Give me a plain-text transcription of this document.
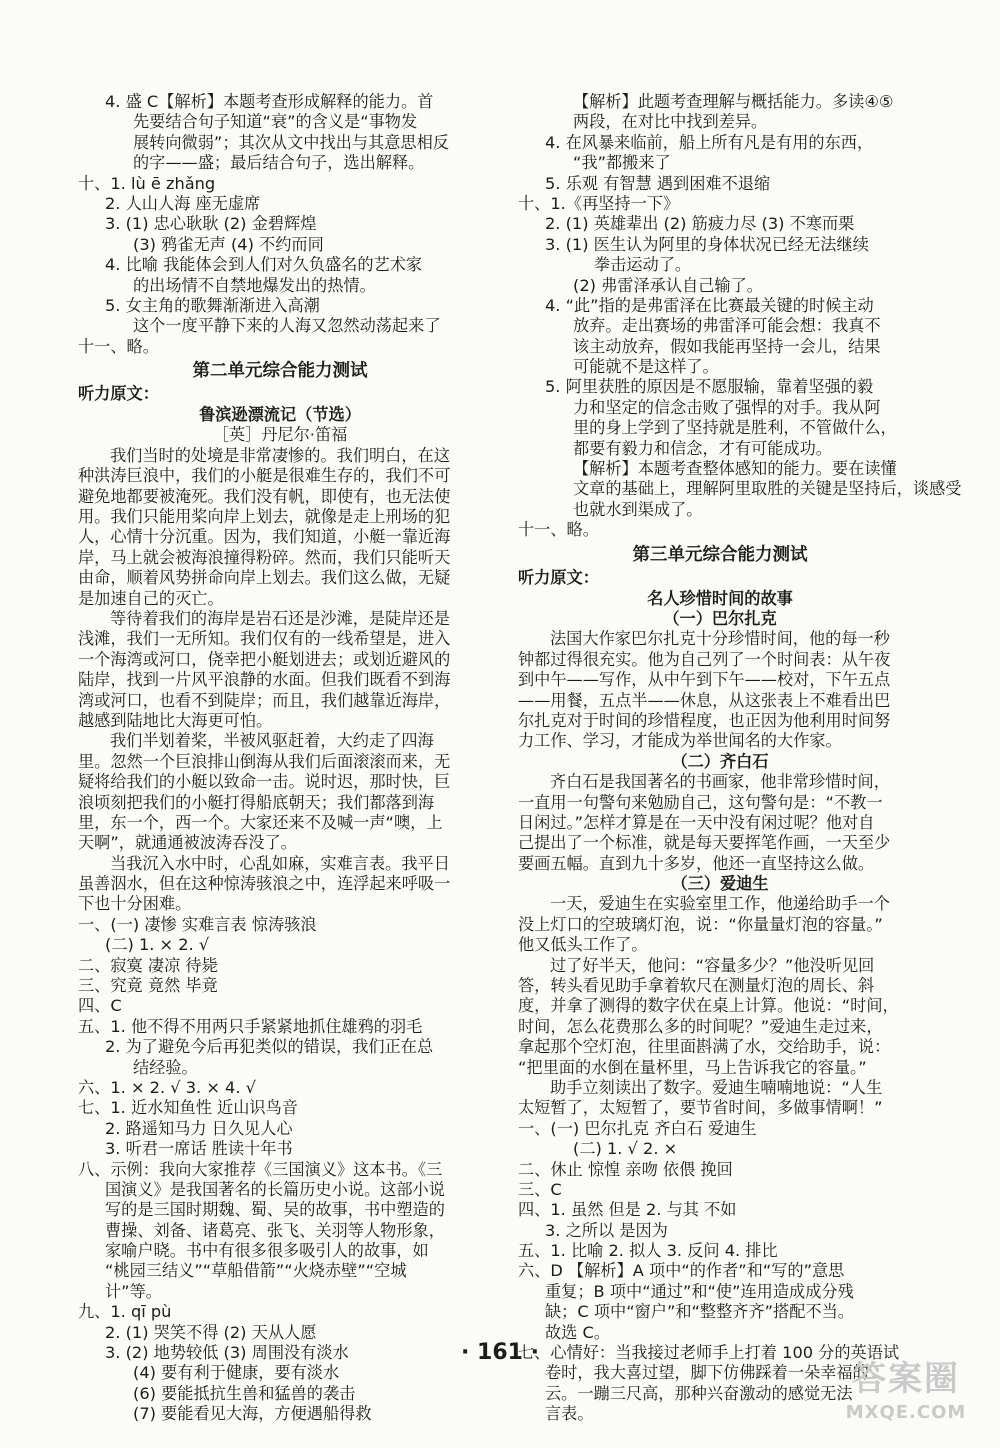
4. 盛 C【解析】本题考查形成解释的能力。首
先要结合句子知道“衰”的含义是“事物发
展转向微弱”；其次从文中找出与其意思相反
的字——盛；最后结合句子，选出解释。
十、1. lù ē zhǎng
2. 人山人海 座无虚席
3. (1) 忠心耿耿 (2) 金碧辉煌
(3) 鸦雀无声 (4) 不约而同
4. 比喻 我能体会到人们对久负盛名的艺术家
的出场情不自禁地爆发出的热情。
5. 女主角的歌舞渐渐进入高潮
这个一度平静下来的人海又忽然动荡起来了
十一、略。
第二单元综合能力测试
听力原文：
鲁滨逊漂流记（节选）
［英］丹尼尔·笛福
我们当时的处境是非常凄惨的。我们明白，在这
种洪涛巨浪中，我们的小艇是很难生存的，我们不可
避免地都要被淹死。我们没有帆，即使有，也无法使
用。我们只能用桨向岸上划去，就像是走上刑场的犯
人，心情十分沉重。因为，我们知道，小艇一靠近海
岸，马上就会被海浪撞得粉碎。然而，我们只能听天
由命，顺着风势拼命向岸上划去。我们这么做，无疑
是加速自己的灭亡。
等待着我们的海岸是岩石还是沙滩，是陡岸还是
浅滩，我们一无所知。我们仅有的一线希望是，进入
一个海湾或河口，侥幸把小艇划进去；或划近避风的
陆岸，找到一片风平浪静的水面。但我们既看不到海
湾或河口，也看不到陡岸；而且，我们越靠近海岸，
越感到陆地比大海更可怕。
我们半划着桨，半被风驱赶着，大约走了四海
里。忽然一个巨浪排山倒海从我们后面滚滚而来，无
疑将给我们的小艇以致命一击。说时迟，那时快，巨
浪顷刻把我们的小艇打得船底朝天；我们都落到海
里，东一个，西一个。大家还来不及喊一声“噢，上
天啊”，就通通被波涛吞没了。
当我沉入水中时，心乱如麻，实难言表。我平日
虽善泅水，但在这种惊涛骇浪之中，连浮起来呼吸一
下也十分困难。
一、(一) 凄惨 实难言表 惊涛骇浪
(二) 1. × 2. √
二、寂寞 凄凉 待毙
三、究竟 竟然 毕竟
四、C
五、1. 他不得不用两只手紧紧地抓住雄鸦的羽毛
2. 为了避免今后再犯类似的错误，我们正在总
结经验。
六、1. × 2. √ 3. × 4. √
七、1. 近水知鱼性 近山识鸟音
2. 路遥知马力 日久见人心
3. 听君一席话 胜读十年书
八、示例：我向大家推荐《三国演义》这本书。《三
国演义》是我国著名的长篇历史小说。这部小说
写的是三国时期魏、蜀、吴的故事，书中塑造的
曹操、刘备、诸葛亮、张飞、关羽等人物形象，
家喻户晓。书中有很多很多吸引人的故事，如
“桃园三结义”“草船借箭”“火烧赤壁”“空城
计”等。
九、1. qī pù
2. (1) 哭笑不得 (2) 天从人愿
3. (2) 地势较低 (3) 周围没有淡水
(4) 要有利于健康，要有淡水
(6) 要能抵抗生兽和猛兽的袭击
(7) 要能看见大海，方便遇船得救
【解析】此题考查理解与概括能力。多读④⑤
两段，在对比中找到差异。
4. 在风暴来临前，船上所有凡是有用的东西，
“我”都搬来了
5. 乐观 有智慧 遇到困难不退缩
十、1.《再坚持一下》
2. (1) 英雄辈出 (2) 筋疲力尽 (3) 不寒而栗
3. (1) 医生认为阿里的身体状况已经无法继续
拳击运动了。
(2) 弗雷泽承认自己输了。
4. “此”指的是弗雷泽在比赛最关键的时候主动
放弃。走出赛场的弗雷泽可能会想：我真不
该主动放弃，假如我能再坚持一会儿，结果
可能就不是这样了。
5. 阿里获胜的原因是不愿服输，靠着坚强的毅
力和坚定的信念击败了强悍的对手。我从阿
里的身上学到了坚持就是胜利，不管做什么，
都要有毅力和信念，才有可能成功。
【解析】本题考查整体感知的能力。要在读懂
文章的基础上，理解阿里取胜的关键是坚持后，谈感受
也就水到渠成了。
十一、略。
第三单元综合能力测试
听力原文：
名人珍惜时间的故事
（一）巴尔扎克
法国大作家巴尔扎克十分珍惜时间，他的每一秒
钟都过得很充实。他为自己列了一个时间表：从午夜
到中午——写作，从中午到下午——校对，下午五点
——用餐，五点半——休息，从这张表上不难看出巴
尔扎克对于时间的珍惜程度，也正因为他利用时间努
力工作、学习，才能成为举世闻名的大作家。
（二）齐白石
齐白石是我国著名的书画家，他非常珍惜时间，
一直用一句警句来勉励自己，这句警句是：“不教一
日闲过。”怎样才算是在一天中没有闲过呢？他对自
己提出了一个标准，就是每天要挥笔作画，一天至少
要画五幅。直到九十多岁，他还一直坚持这么做。
（三）爱迪生
一天，爱迪生在实验室里工作，他递给助手一个
没上灯口的空玻璃灯泡，说：“你量量灯泡的容量。”
他又低头工作了。
过了好半天，他问：“容量多少？”他没听见回
答，转头看见助手拿着软尺在测量灯泡的周长、斜
度，并拿了测得的数字伏在桌上计算。他说：“时间，
时间，怎么花费那么多的时间呢？”爱迪生走过来，
拿起那个空灯泡，往里面斟满了水，交给助手，说：
“把里面的水倒在量杯里，马上告诉我它的容量。”
助手立刻读出了数字。爱迪生喃喃地说：“人生
太短暂了，太短暂了，要节省时间，多做事情啊！”
一、(一) 巴尔扎克 齐白石 爱迪生
(二) 1. √ 2. ×
二、休止 惊惶 亲吻 依偎 挽回
三、C
四、1. 虽然 但是 2. 与其 不如
3. 之所以 是因为
五、1. 比喻 2. 拟人 3. 反问 4. 排比
六、D 【解析】A 项中“的作者”和“写的”意思
重复；B 项中“通过”和“使”连用造成成分残
缺；C 项中“窗户”和“整整齐齐”搭配不当。
故选 C。
七、心情好：当我接过老师手上打着 100 分的英语试
卷时，我大喜过望，脚下仿佛踩着一朵幸福的
云。一蹦三尺高，那种兴奋激动的感觉无法
言表。
· 161 ·
答案圈
MXQE.COM
